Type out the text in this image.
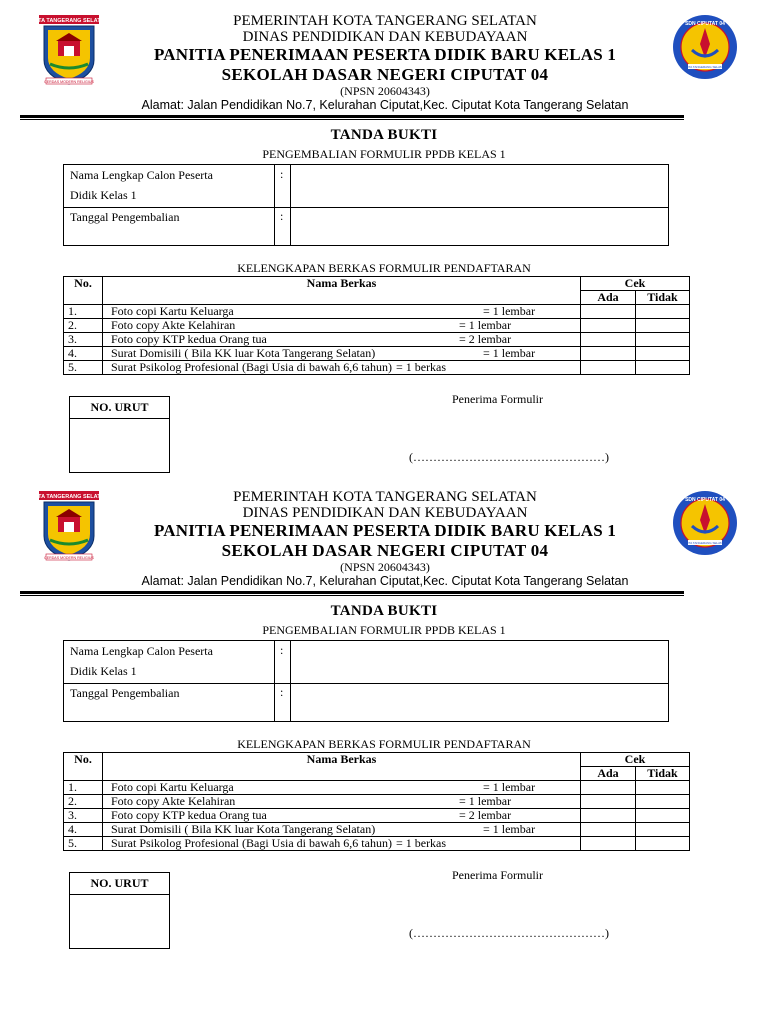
KOTA TANGERANG SELATAN
CERDAS MODERN RELIGIUS
SDN CIPUTAT 04
KOTA TANGERANG SELATAN
PEMERINTAH KOTA TANGERANG SELATAN
DINAS PENDIDIKAN DAN KEBUDAYAAN
PANITIA PENERIMAAN PESERTA DIDIK BARU KELAS 1
SEKOLAH DASAR NEGERI CIPUTAT 04
(NPSN 20604343)
Alamat: Jalan Pendidikan No.7, Kelurahan Ciputat,Kec. Ciputat Kota Tangerang Selatan
TANDA BUKTI
PENGEMBALIAN FORMULIR PPDB KELAS 1
Nama Lengkap Calon Peserta
Didik Kelas 1
:
Tanggal Pengembalian	:
KELENGKAPAN BERKAS FORMULIR PENDAFTARAN
No.	Nama Berkas	Cek	
		Ada	Tidak
1.	Foto copi Kartu Keluarga = 1 lembar		

2.	Foto copy Akte Kelahiran = 1 lembar		

3.	Foto copy KTP kedua Orang tua = 2 lembar		

4.	Surat Domisili ( Bila KK luar Kota Tangerang Selatan) = 1 lembar		

5.	Surat Psikolog Profesional (Bagi Usia di bawah 6,6 tahun) = 1 berkas		
NO. URUT
Penerima Formulir
(…………………………………………)
KOTA TANGERANG SELATAN
CERDAS MODERN RELIGIUS
SDN CIPUTAT 04
KOTA TANGERANG SELATAN
PEMERINTAH KOTA TANGERANG SELATAN
DINAS PENDIDIKAN DAN KEBUDAYAAN
PANITIA PENERIMAAN PESERTA DIDIK BARU KELAS 1
SEKOLAH DASAR NEGERI CIPUTAT 04
(NPSN 20604343)
Alamat: Jalan Pendidikan No.7, Kelurahan Ciputat,Kec. Ciputat Kota Tangerang Selatan
TANDA BUKTI
PENGEMBALIAN FORMULIR PPDB KELAS 1
Nama Lengkap Calon Peserta
Didik Kelas 1
:
Tanggal Pengembalian	:
KELENGKAPAN BERKAS FORMULIR PENDAFTARAN
No.	Nama Berkas	Cek	
		Ada	Tidak
1.	Foto copi Kartu Keluarga = 1 lembar		

2.	Foto copy Akte Kelahiran = 1 lembar		

3.	Foto copy KTP kedua Orang tua = 2 lembar		

4.	Surat Domisili ( Bila KK luar Kota Tangerang Selatan) = 1 lembar		

5.	Surat Psikolog Profesional (Bagi Usia di bawah 6,6 tahun) = 1 berkas		
NO. URUT
Penerima Formulir
(…………………………………………)
